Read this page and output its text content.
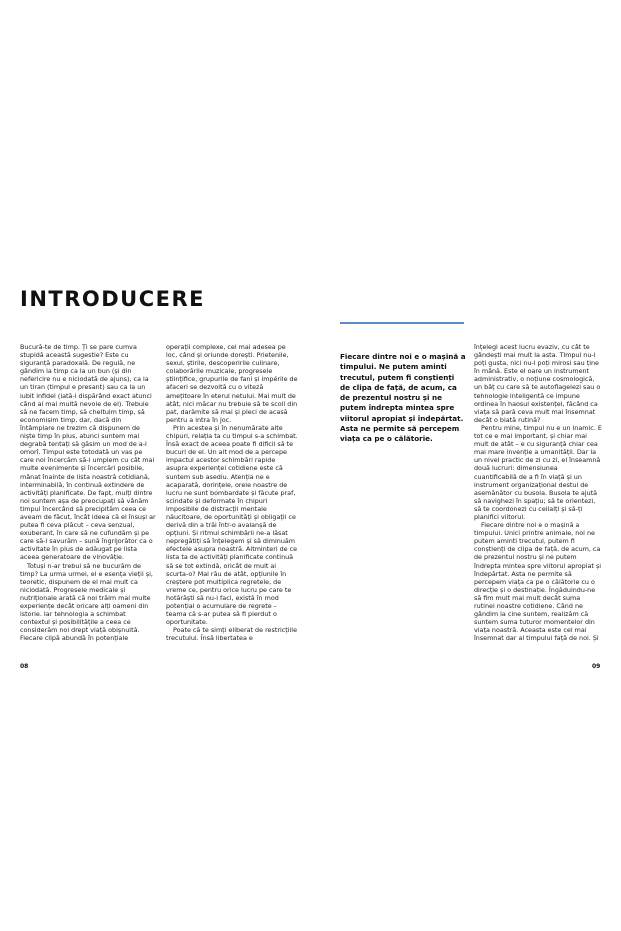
INTRODUCERE

Bucură-te de timp. Ți se pare cumva stupidă această sugestie? Este cu siguranță paradoxală. De regulă, ne gândim la timp ca la un bun (și din nefericire nu e niciodată de ajuns), ca la un tiran (timpul e presant) sau ca la un iubit infidel (iată-l dispărând exact atunci când ai mai multă nevoie de el). Trebuie să ne facem timp, să cheltuim timp, să economisim timp, dar, dacă din întâmplare ne trezim că dispunem de niște timp în plus, atunci suntem mai degrabă tentați să găsim un mod de a-l omorî. Timpul este totodată un vas pe care noi încercăm să-l umplem cu cât mai multe evenimente și încercări posibile, mânat înainte de lista noastră cotidiană, interminabilă, în continuă extindere de activități planificate. De fapt, mulți dintre noi suntem așa de preocupați să vânăm timpul încercând să precipităm ceea ce aveam de făcut, încât ideea că el însuși ar putea fi ceva plăcut – ceva senzual, exuberant, în care să ne cufundăm și pe care să-l savurăm – sună îngrijorător ca o activitate în plus de adăugat pe lista aceea generatoare de vinovăție.

Totuși n-ar trebui să ne bucurăm de timp? La urma urmei, el e esența vieții și, teoretic, dispunem de el mai mult ca niciodată. Progresele medicale și nutriționale arată că noi trăim mai multe experiențe decât oricare alți oameni din istorie. Iar tehnologia a schimbat contextul și posibilitățile a ceea ce considerăm noi drept viață obișnuită. Fiecare clipă abundă în potențiale

operații complexe, cel mai adesea pe loc, când și oriunde dorești. Prietenile, sexul, știrile, descoperirile culinare, colaborările muzicale, progresele științifice, grupurile de fani și impérile de afaceri se dezvoltă cu o viteză amețitoare în eterul netului. Mai mult de atât, nici măcar nu trebuie să te scoli din pat, darămite să mai și pleci de acasă pentru a intra în joc.

Prin acestea și în nenumărate alte chipuri, relația ta cu timpul s-a schimbat. Însă exact de aceea poate fi dificil să te bucuri de el. Un alt mod de a percepe impactul acestor schimbări rapide asupra experienței cotidiene este că suntem sub asediu. Atenția ne e acaparată, dorințele, orele noastre de lucru ne sunt bombardate și făcute praf, scindate și deformate în chipuri imposibile de distracții mentale năucitoare, de oportunități și obligații ce derivă din a trăi într-o avalanșă de opțiuni. Și ritmul schimbării ne-a lăsat nepregătiți să înțelegem și să diminuăm efectele asupra noastră. Altminteri de ce lista ta de activități planificate continuă să se tot extindă, oricât de mult ai scurta-o? Mai rău de atât, opțiunile în creștere pot multiplica regretele, de vreme ce, pentru orice lucru pe care te hotărăști să nu-l faci, există în mod potențial o acumulare de regrete – teama că s-ar putea să fi pierdut o oportunitate.

Poate că te simți eliberat de restricțiile trecutului. Însă libertatea e

Fiecare dintre noi e o mașină a timpului. Ne putem aminti trecutul, putem fi conștienți de clipa de față, de acum, ca de prezentul nostru și ne putem îndrepta mintea spre viitorul apropiat și îndepărtat. Asta ne permite să percepem viața ca pe o călătorie.

înțelegi acest lucru evaziv, cu cât te gândești mai mult la asta. Timpul nu-l poți gusta, nici nu-l poți mirosi sau ține în mână. Este el oare un instrument administrativ, o noțiune cosmologică, un bâț cu care să te autoflagelezi sau o tehnologie inteligentă ce impune ordinea în haosul existenței, făcând ca viața să pară ceva mult mai însemnat decât o biată rutină?

Pentru mine, timpul nu e un inamic. E tot ce e mai important, și chiar mai mult de atât – e cu siguranță chiar cea mai mare invenție a umanității. Dar la un nivel practic de zi cu zi, el înseamnă două lucruri: dimensiunea cuantificabilă de a fi în viață și un instrument organizațional destul de asemănător cu busola. Busola te ajută să navighezi în spațiu; să te orientezi, să te coordonezi cu ceilalți și să-ți planifici viitorul.

Fiecare dintre noi e o mașină a timpului. Unici printre animale, noi ne putem aminti trecutul, putem fi conștienți de clipa de față, de acum, ca de prezentul nostru și ne putem îndrepta mintea spre viitorul apropiat și îndepărtat. Asta ne permite să percepem viața ca pe o călătorie cu o direcție și o destinație. Îngăduindu-ne să fim mult mai mult decât suma rutinei noastre cotidiene. Când ne gândim la cine suntem, realizăm că suntem suma tuturor momentelor din viața noastră. Aceasta este cel mai însemnat dar al timpului față de noi. Și

08	09
